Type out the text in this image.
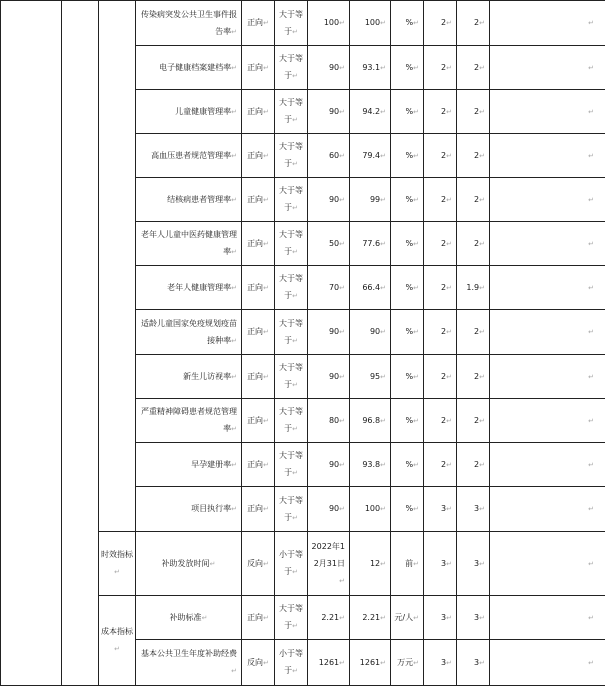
			传染病突发公共卫生事件报告率↵	正向↵	大于等于↵	100↵	100↵	%↵	2↵	2↵	↵
			电子健康档案建档率↵	正向↵	大于等于↵	90↵	93.1↵	%↵	2↵	2↵	↵
			儿童健康管理率↵	正向↵	大于等于↵	90↵	94.2↵	%↵	2↵	2↵	↵
			高血压患者规范管理率↵	正向↵	大于等于↵	60↵	79.4↵	%↵	2↵	2↵	↵
			结核病患者管理率↵	正向↵	大于等于↵	90↵	99↵	%↵	2↵	2↵	↵
			老年人儿童中医药健康管理率↵	正向↵	大于等于↵	50↵	77.6↵	%↵	2↵	2↵	↵
			老年人健康管理率↵	正向↵	大于等于↵	70↵	66.4↵	%↵	2↵	1.9↵	↵
			适龄儿童国家免疫规划疫苗接种率↵	正向↵	大于等于↵	90↵	90↵	%↵	2↵	2↵	↵
			新生儿访视率↵	正向↵	大于等于↵	90↵	95↵	%↵	2↵	2↵	↵
			严重精神障碍患者规范管理率↵	正向↵	大于等于↵	80↵	96.8↵	%↵	2↵	2↵	↵
			早孕建册率↵	正向↵	大于等于↵	90↵	93.8↵	%↵	2↵	2↵	↵
			项目执行率↵	正向↵	大于等于↵	90↵	100↵	%↵	3↵	3↵	↵
		时效指标↵	补助发放时间↵	反向↵	小于等于↵	2022年12月31日↵	12↵	前↵	3↵	3↵	↵
		成本指标↵	补助标准↵	正向↵	大于等于↵	2.21↵	2.21↵	元/人↵	3↵	3↵	↵
			基本公共卫生年度补助经费↵	反向↵	小于等于↵	1261↵	1261↵	万元↵	3↵	3↵	↵
